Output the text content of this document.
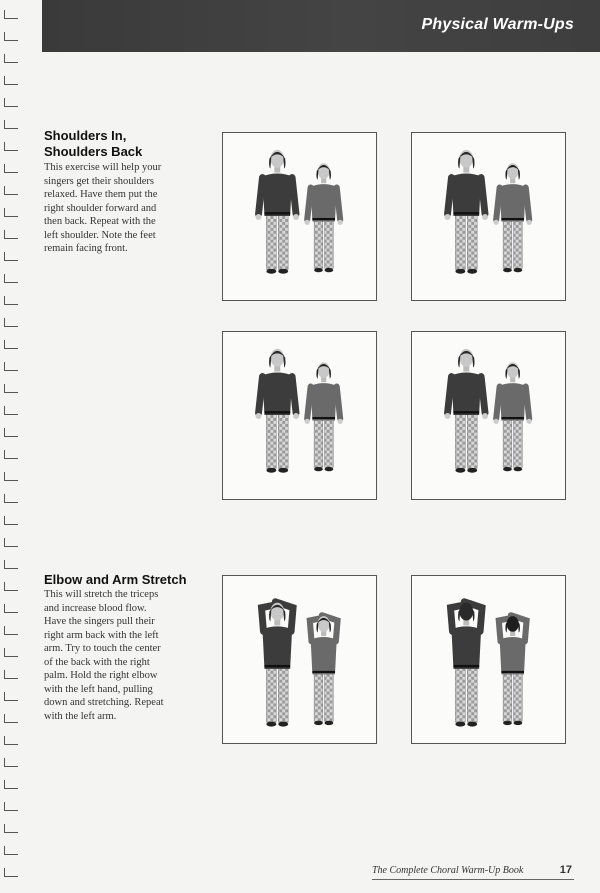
Physical Warm-Ups
Shoulders In,
Shoulders Back
This exercise will help your
singers get their shoulders
relaxed. Have them put the
right shoulder forward and
then back. Repeat with the
left shoulder. Note the feet
remain facing front.
Elbow and Arm Stretch
This will stretch the triceps
and increase blood flow.
Have the singers pull their
right arm back with the left
arm. Try to touch the center
of the back with the right
palm. Hold the right elbow
with the left hand, pulling
down and stretching. Repeat
with the left arm.
The Complete Choral Warm-Up Book	17
